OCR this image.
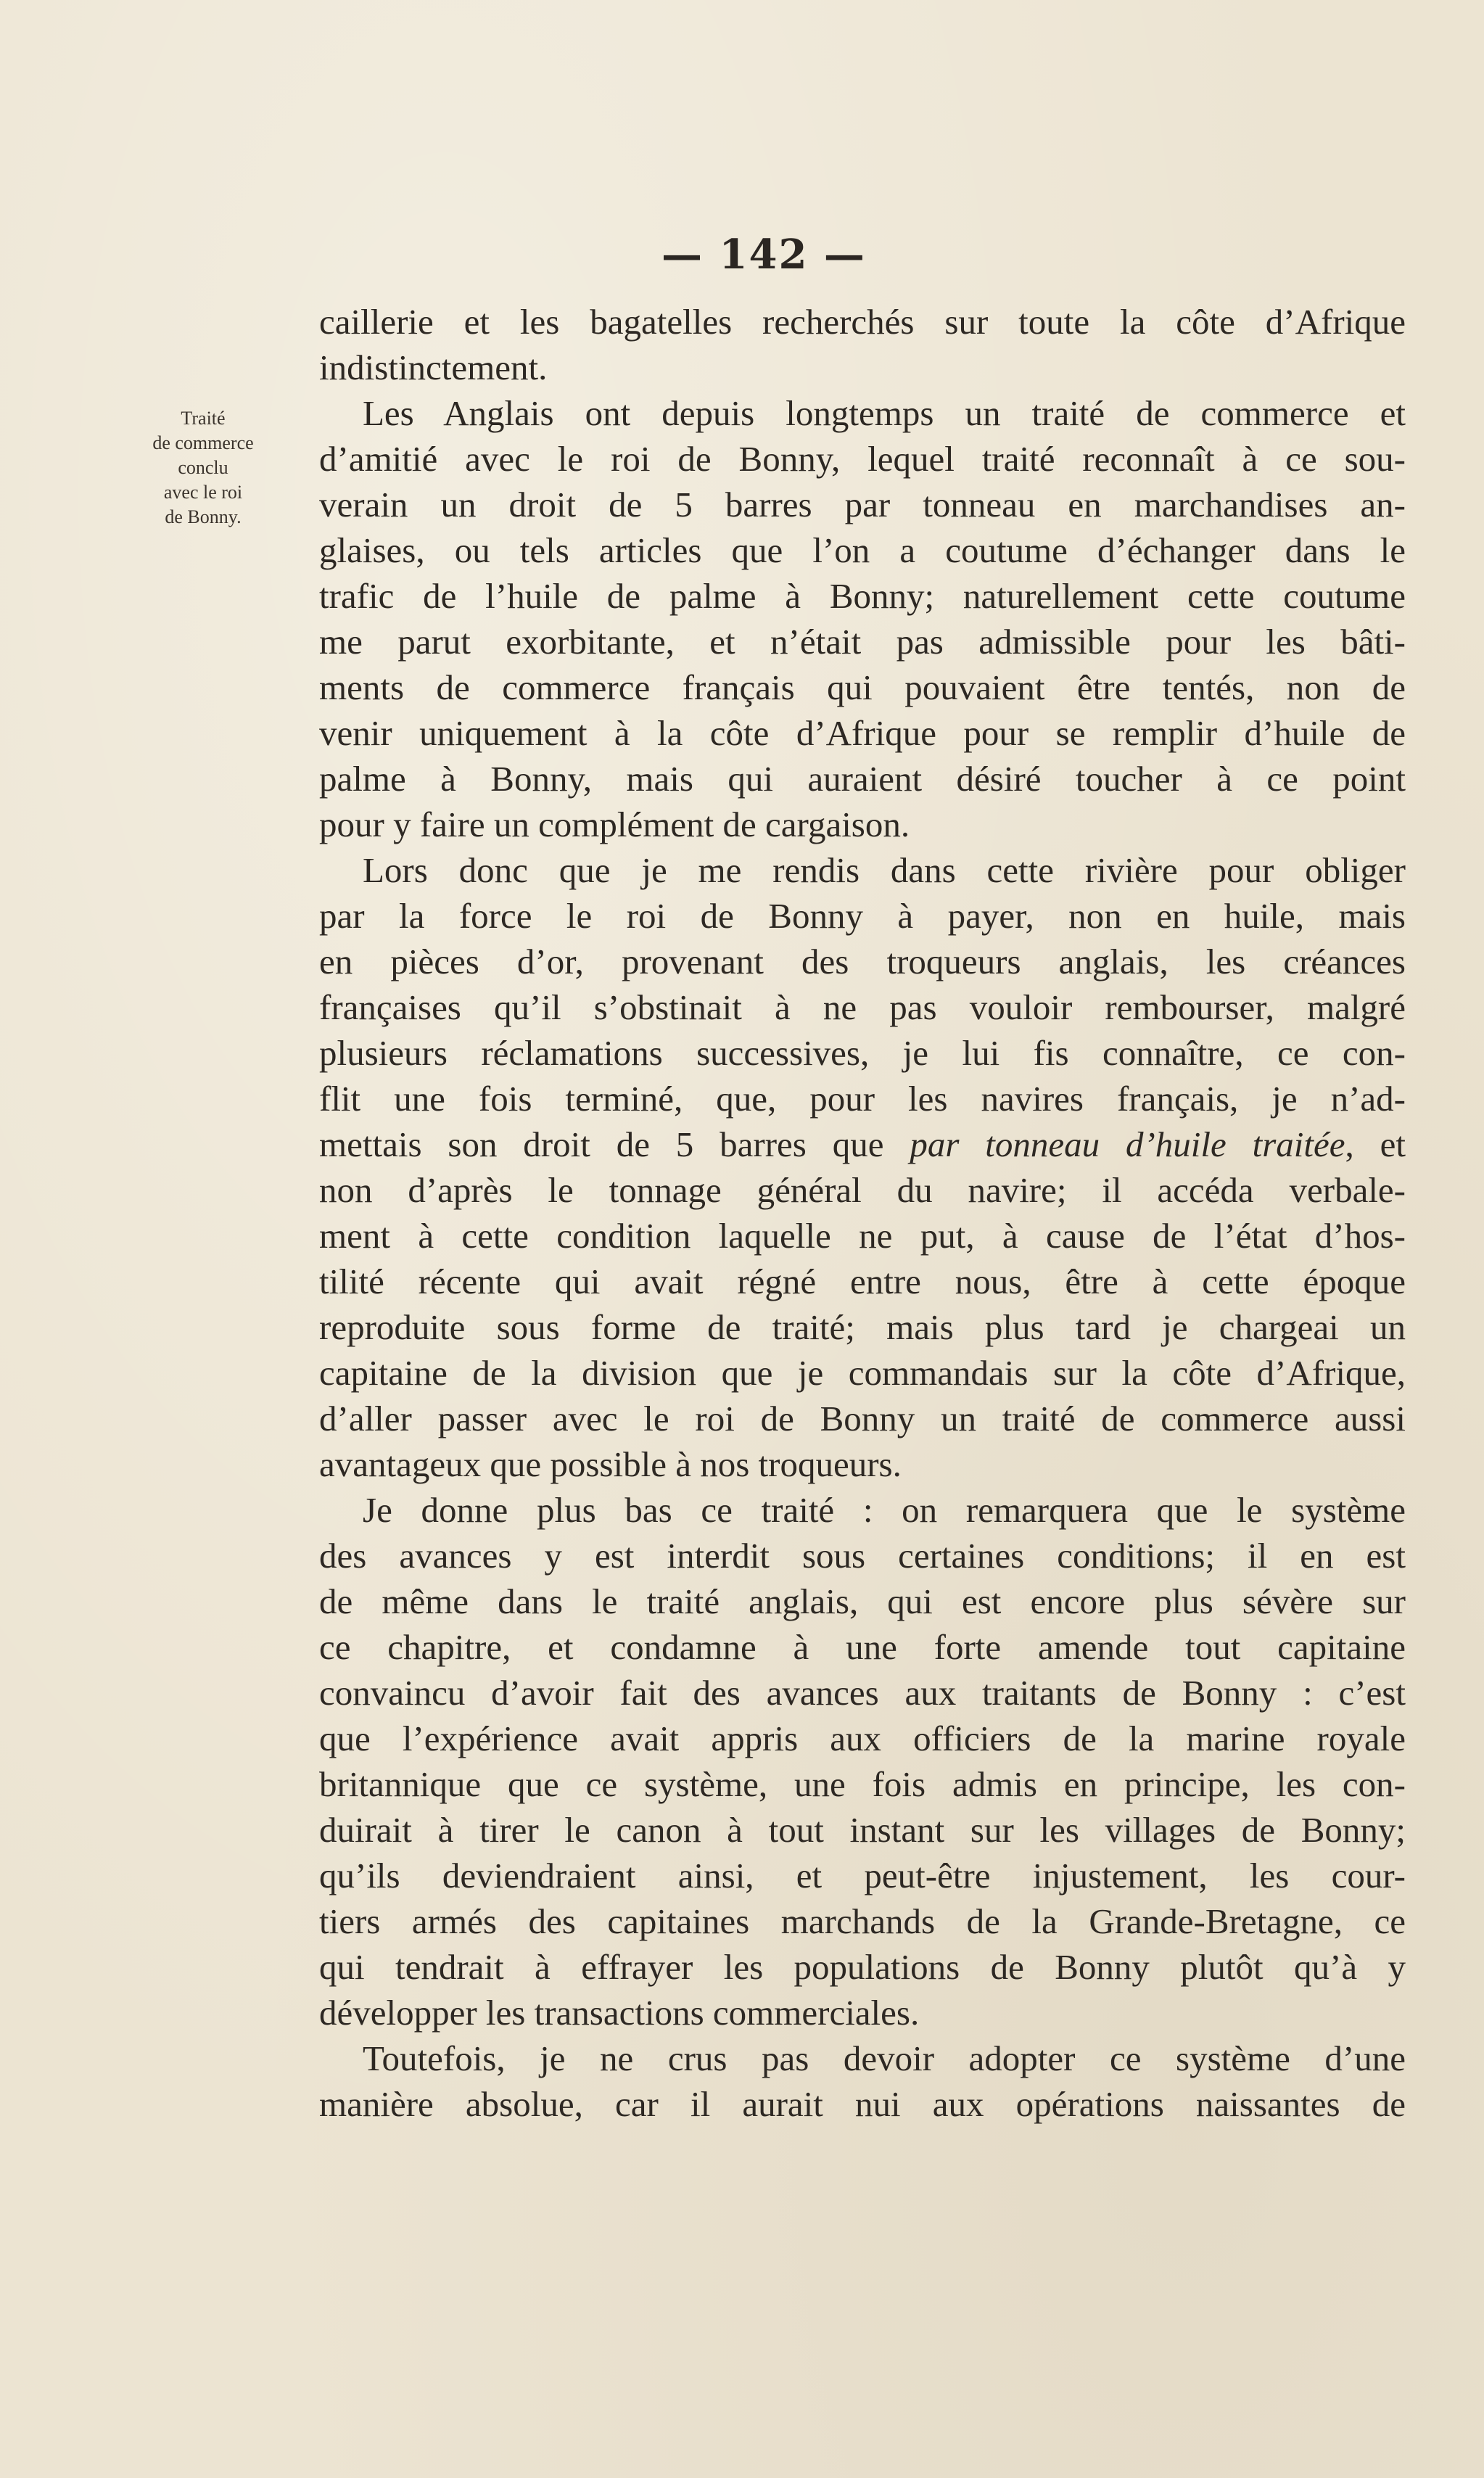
— 142 —
Traité
de commerce
conclu
avec le roi
de Bonny.
caillerie et les bagatelles recherchés sur toute la côte d’Afrique
indistinctement.
Les Anglais ont depuis longtemps un traité de commerce et
d’amitié avec le roi de Bonny, lequel traité reconnaît à ce sou-
verain un droit de 5 barres par tonneau en marchandises an-
glaises, ou tels articles que l’on a coutume d’échanger dans le
trafic de l’huile de palme à Bonny; naturellement cette coutume
me parut exorbitante, et n’était pas admissible pour les bâti-
ments de commerce français qui pouvaient être tentés, non de
venir uniquement à la côte d’Afrique pour se remplir d’huile de
palme à Bonny, mais qui auraient désiré toucher à ce point
pour y faire un complément de cargaison.
Lors donc que je me rendis dans cette rivière pour obliger
par la force le roi de Bonny à payer, non en huile, mais
en pièces d’or, provenant des troqueurs anglais, les créances
françaises qu’il s’obstinait à ne pas vouloir rembourser, malgré
plusieurs réclamations successives, je lui fis connaître, ce con-
flit une fois terminé, que, pour les navires français, je n’ad-
mettais son droit de 5 barres que par tonneau d’huile traitée, et
non d’après le tonnage général du navire; il accéda verbale-
ment à cette condition laquelle ne put, à cause de l’état d’hos-
tilité récente qui avait régné entre nous, être à cette époque
reproduite sous forme de traité; mais plus tard je chargeai un
capitaine de la division que je commandais sur la côte d’Afrique,
d’aller passer avec le roi de Bonny un traité de commerce aussi
avantageux que possible à nos troqueurs.
Je donne plus bas ce traité : on remarquera que le système
des avances y est interdit sous certaines conditions; il en est
de même dans le traité anglais, qui est encore plus sévère sur
ce chapitre, et condamne à une forte amende tout capitaine
convaincu d’avoir fait des avances aux traitants de Bonny : c’est
que l’expérience avait appris aux officiers de la marine royale
britannique que ce système, une fois admis en principe, les con-
duirait à tirer le canon à tout instant sur les villages de Bonny;
qu’ils deviendraient ainsi, et peut-être injustement, les cour-
tiers armés des capitaines marchands de la Grande-Bretagne, ce
qui tendrait à effrayer les populations de Bonny plutôt qu’à y
développer les transactions commerciales.
Toutefois, je ne crus pas devoir adopter ce système d’une
manière absolue, car il aurait nui aux opérations naissantes de
